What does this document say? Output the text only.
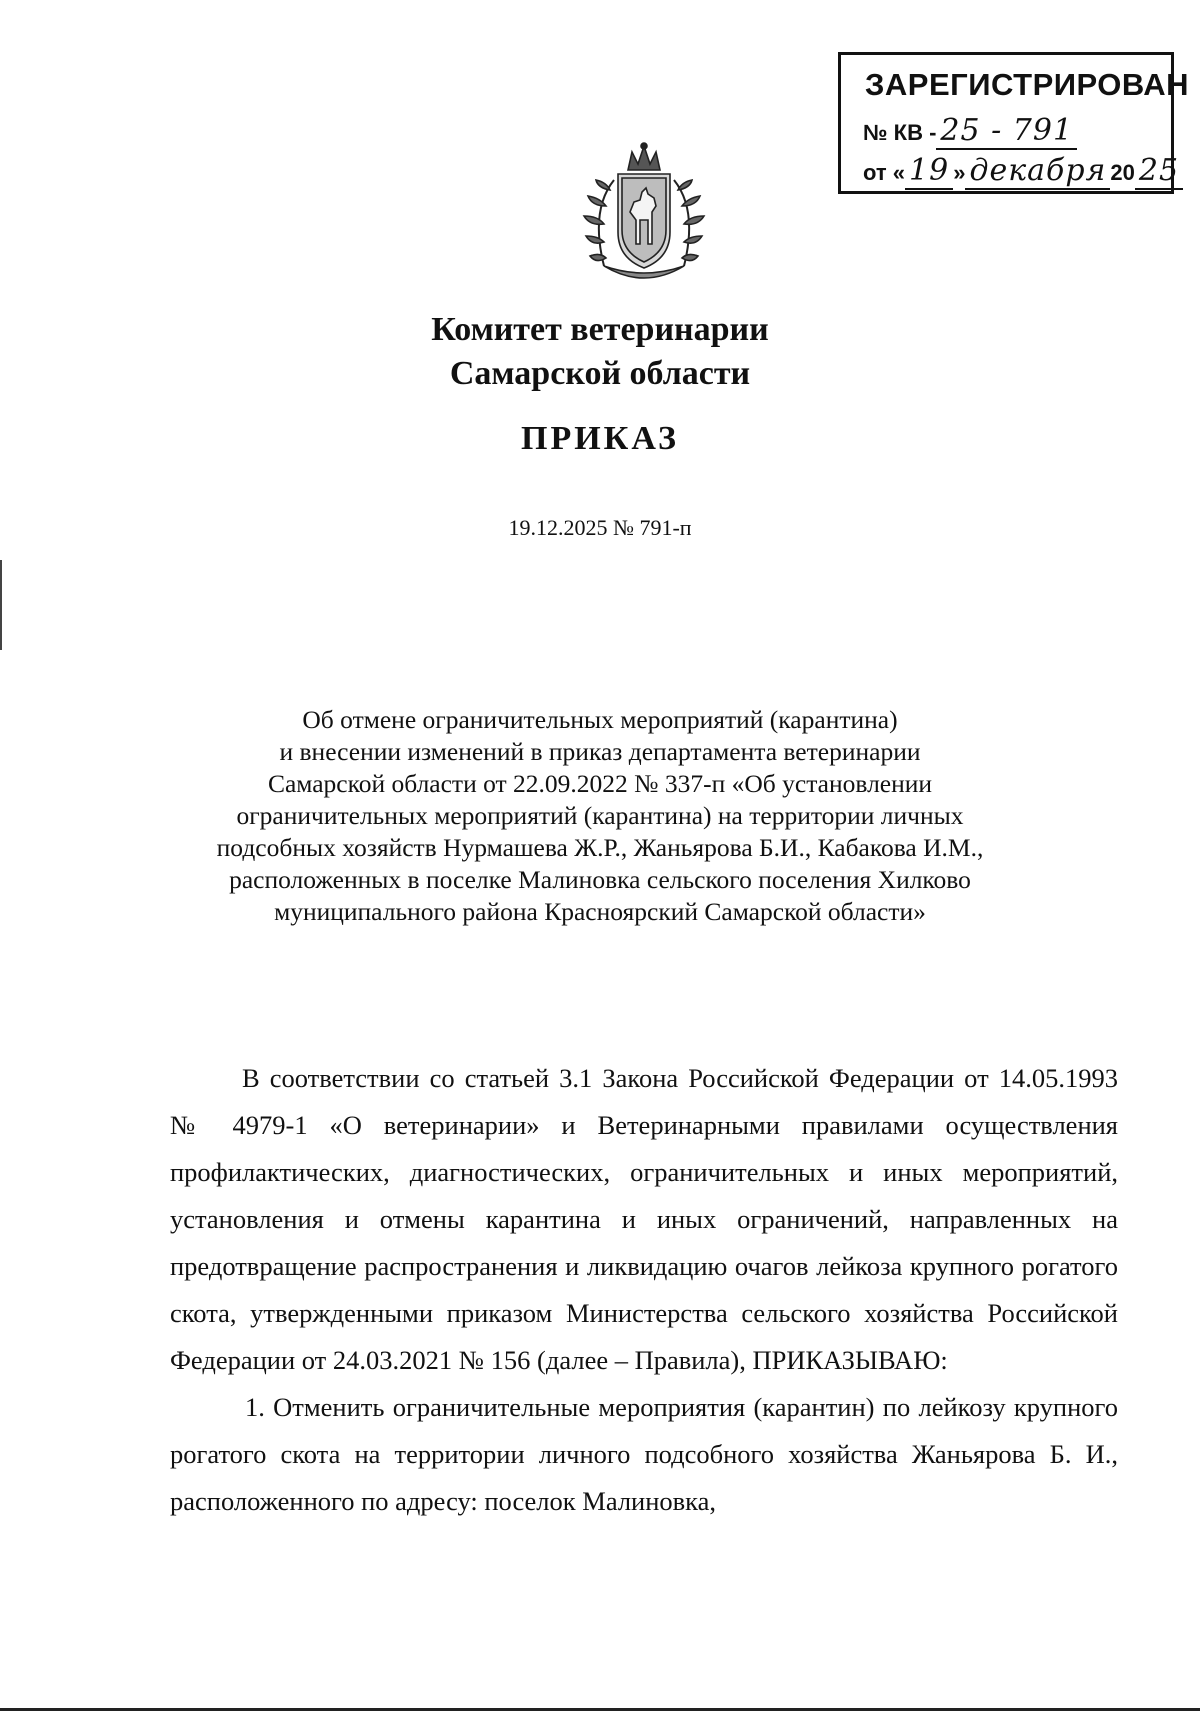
ЗАРЕГИСТРИРОВАН
№ КВ - 25 - 791
от « 19 » декабря 20 25
Комитет ветеринарии
Самарской области
ПРИКАЗ
19.12.2025 № 791-п
Об отмене ограничительных мероприятий (карантина)
и внесении изменений в приказ департамента ветеринарии
Самарской области от 22.09.2022 № 337-п «Об установлении
ограничительных мероприятий (карантина) на территории личных
подсобных хозяйств Нурмашева Ж.Р., Жаньярова Б.И., Кабакова И.М.,
расположенных в поселке Малиновка сельского поселения Хилково
муниципального района Красноярский Самарской области»

В соответствии со статьей 3.1 Закона Российской Федерации от 14.05.1993 № 4979-1 «О ветеринарии» и Ветеринарными правилами осуществления профилактических, диагностических, ограничительных и иных мероприятий, установления и отмены карантина и иных ограничений, направленных на предотвращение распространения и ликвидацию очагов лейкоза крупного рогатого скота, утвержденными приказом Министерства сельского хозяйства Российской Федерации от 24.03.2021 № 156 (далее – Правила), ПРИКАЗЫВАЮ:

1. Отменить ограничительные мероприятия (карантин) по лейкозу крупного рогатого скота на территории личного подсобного хозяйства Жаньярова Б. И., расположенного по адресу: поселок Малиновка,
